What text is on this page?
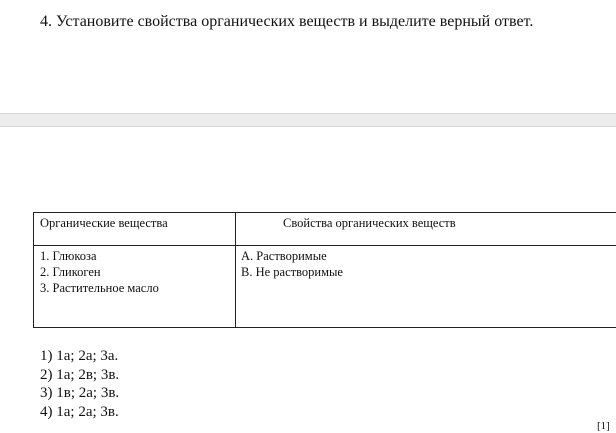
4. Установите свойства органических веществ и выделите верный ответ.
Органические вещества	Свойства органических веществ
1. Глюкоза
2. Гликоген
3. Растительное масло
А. Растворимые
В. Не растворимые
1) 1а; 2а; 3а.
2) 1а; 2в; 3в.
3) 1в; 2а; 3в.
4) 1а; 2а; 3в.
[1]
